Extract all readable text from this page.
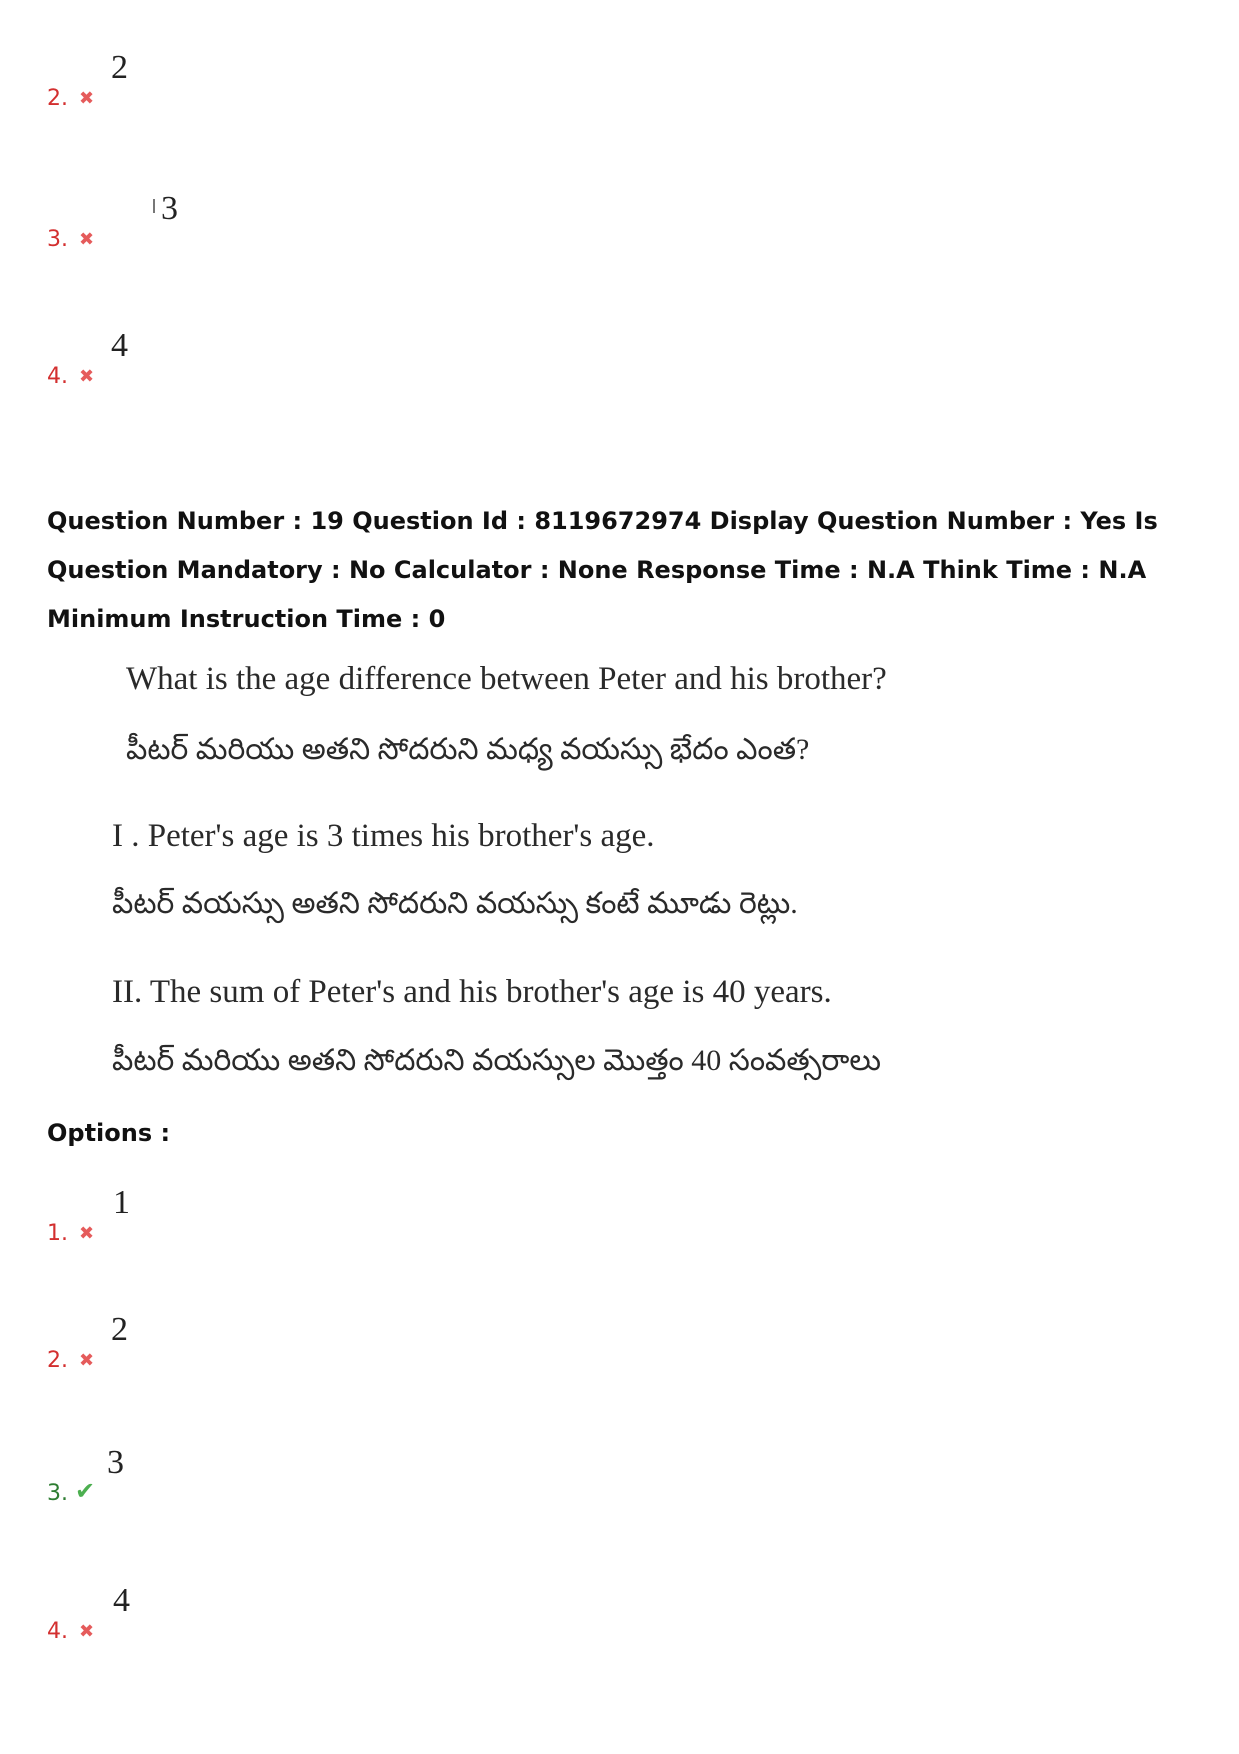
2. ✖
2
3. ✖
3
4. ✖
4
Question Number : 19 Question Id : 8119672974 Display Question Number : Yes Is Question Mandatory : No Calculator : None Response Time : N.A Think Time : N.A Minimum Instruction Time : 0
What is the age difference between Peter and his brother?
పీటర్ మరియు అతని సోదరుని మధ్య వయస్సు భేదం ఎంత?
I . Peter's age is 3 times his brother's age.
పీటర్ వయస్సు అతని సోదరుని వయస్సు కంటే మూడు రెట్లు.
II. The sum of Peter's and his brother's age is 40 years.
పీటర్ మరియు అతని సోదరుని వయస్సుల మొత్తం 40 సంవత్సరాలు
Options :
1. ✖
1
2. ✖
2
3. ✔
3
4. ✖
4
